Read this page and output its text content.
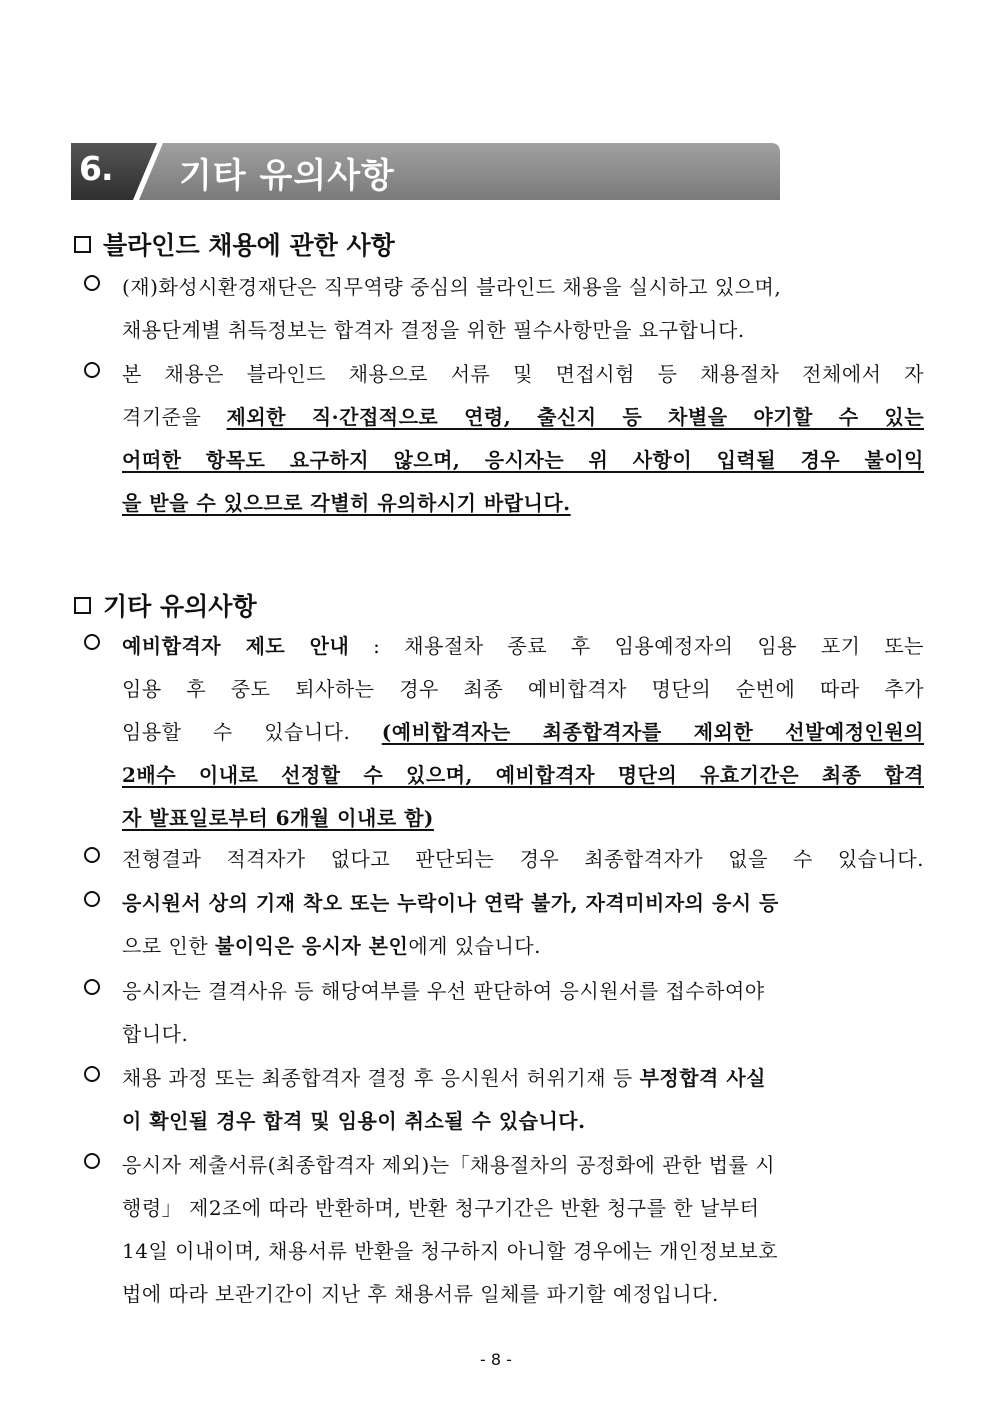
6. 기타 유의사항
블라인드 채용에 관한 사항
(재)화성시환경재단은 직무역량 중심의 블라인드 채용을 실시하고 있으며,
채용단계별 취득정보는 합격자 결정을 위한 필수사항만을 요구합니다.
본 채용은 블라인드 채용으로 서류 및 면접시험 등 채용절차 전체에서 자
격기준을 제외한 직·간접적으로 연령, 출신지 등 차별을 야기할 수 있는
어떠한 항목도 요구하지 않으며, 응시자는 위 사항이 입력될 경우 불이익
을 받을 수 있으므로 각별히 유의하시기 바랍니다.
기타 유의사항
예비합격자 제도 안내 : 채용절차 종료 후 임용예정자의 임용 포기 또는
임용 후 중도 퇴사하는 경우 최종 예비합격자 명단의 순번에 따라 추가
임용할 수 있습니다. (예비합격자는 최종합격자를 제외한 선발예정인원의
2배수 이내로 선정할 수 있으며, 예비합격자 명단의 유효기간은 최종 합격
자 발표일로부터 6개월 이내로 함)
전형결과 적격자가 없다고 판단되는 경우 최종합격자가 없을 수 있습니다.
응시원서 상의 기재 착오 또는 누락이나 연락 불가, 자격미비자의 응시 등
으로 인한 불이익은 응시자 본인에게 있습니다.
응시자는 결격사유 등 해당여부를 우선 판단하여 응시원서를 접수하여야
합니다.
채용 과정 또는 최종합격자 결정 후 응시원서 허위기재 등 부정합격 사실
이 확인될 경우 합격 및 임용이 취소될 수 있습니다.
응시자 제출서류(최종합격자 제외)는「채용절차의 공정화에 관한 법률 시
행령」 제2조에 따라 반환하며, 반환 청구기간은 반환 청구를 한 날부터
14일 이내이며, 채용서류 반환을 청구하지 아니할 경우에는 개인정보보호
법에 따라 보관기간이 지난 후 채용서류 일체를 파기할 예정입니다.
- 8 -
